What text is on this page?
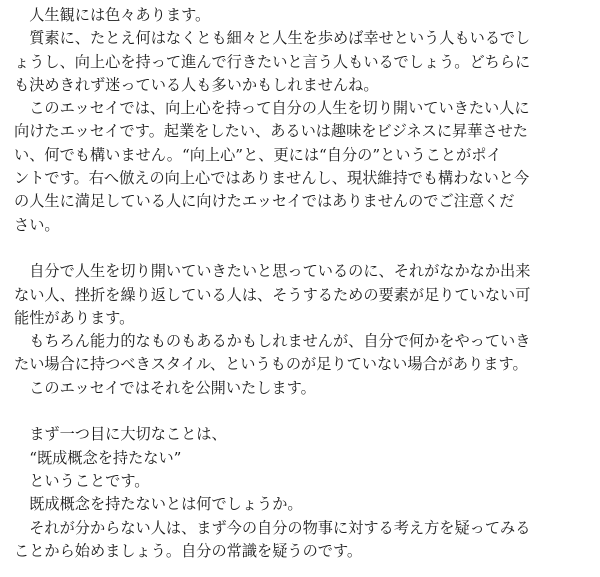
　人生観には色々あります。
　質素に、たとえ何はなくとも細々と人生を歩めば幸せという人もいるでし
ょうし、向上心を持って進んで行きたいと言う人もいるでしょう。どちらに
も決めきれず迷っている人も多いかもしれませんね。
　このエッセイでは、向上心を持って自分の人生を切り開いていきたい人に
向けたエッセイです。起業をしたい、あるいは趣味をビジネスに昇華させた
い、何でも構いません。“向上心”と、更には“自分の”ということがポイ
ントです。右へ倣えの向上心ではありませんし、現状維持でも構わないと今
の人生に満足している人に向けたエッセイではありませんのでご注意くだ
さい。
　自分で人生を切り開いていきたいと思っているのに、それがなかなか出来
ない人、挫折を繰り返している人は、そうするための要素が足りていない可
能性があります。
　もちろん能力的なものもあるかもしれませんが、自分で何かをやっていき
たい場合に持つべきスタイル、というものが足りていない場合があります。
　このエッセイではそれを公開いたします。
　まず一つ目に大切なことは、
　“既成概念を持たない”
　ということです。
　既成概念を持たないとは何でしょうか。
　それが分からない人は、まず今の自分の物事に対する考え方を疑ってみる
ことから始めましょう。自分の常識を疑うのです。
